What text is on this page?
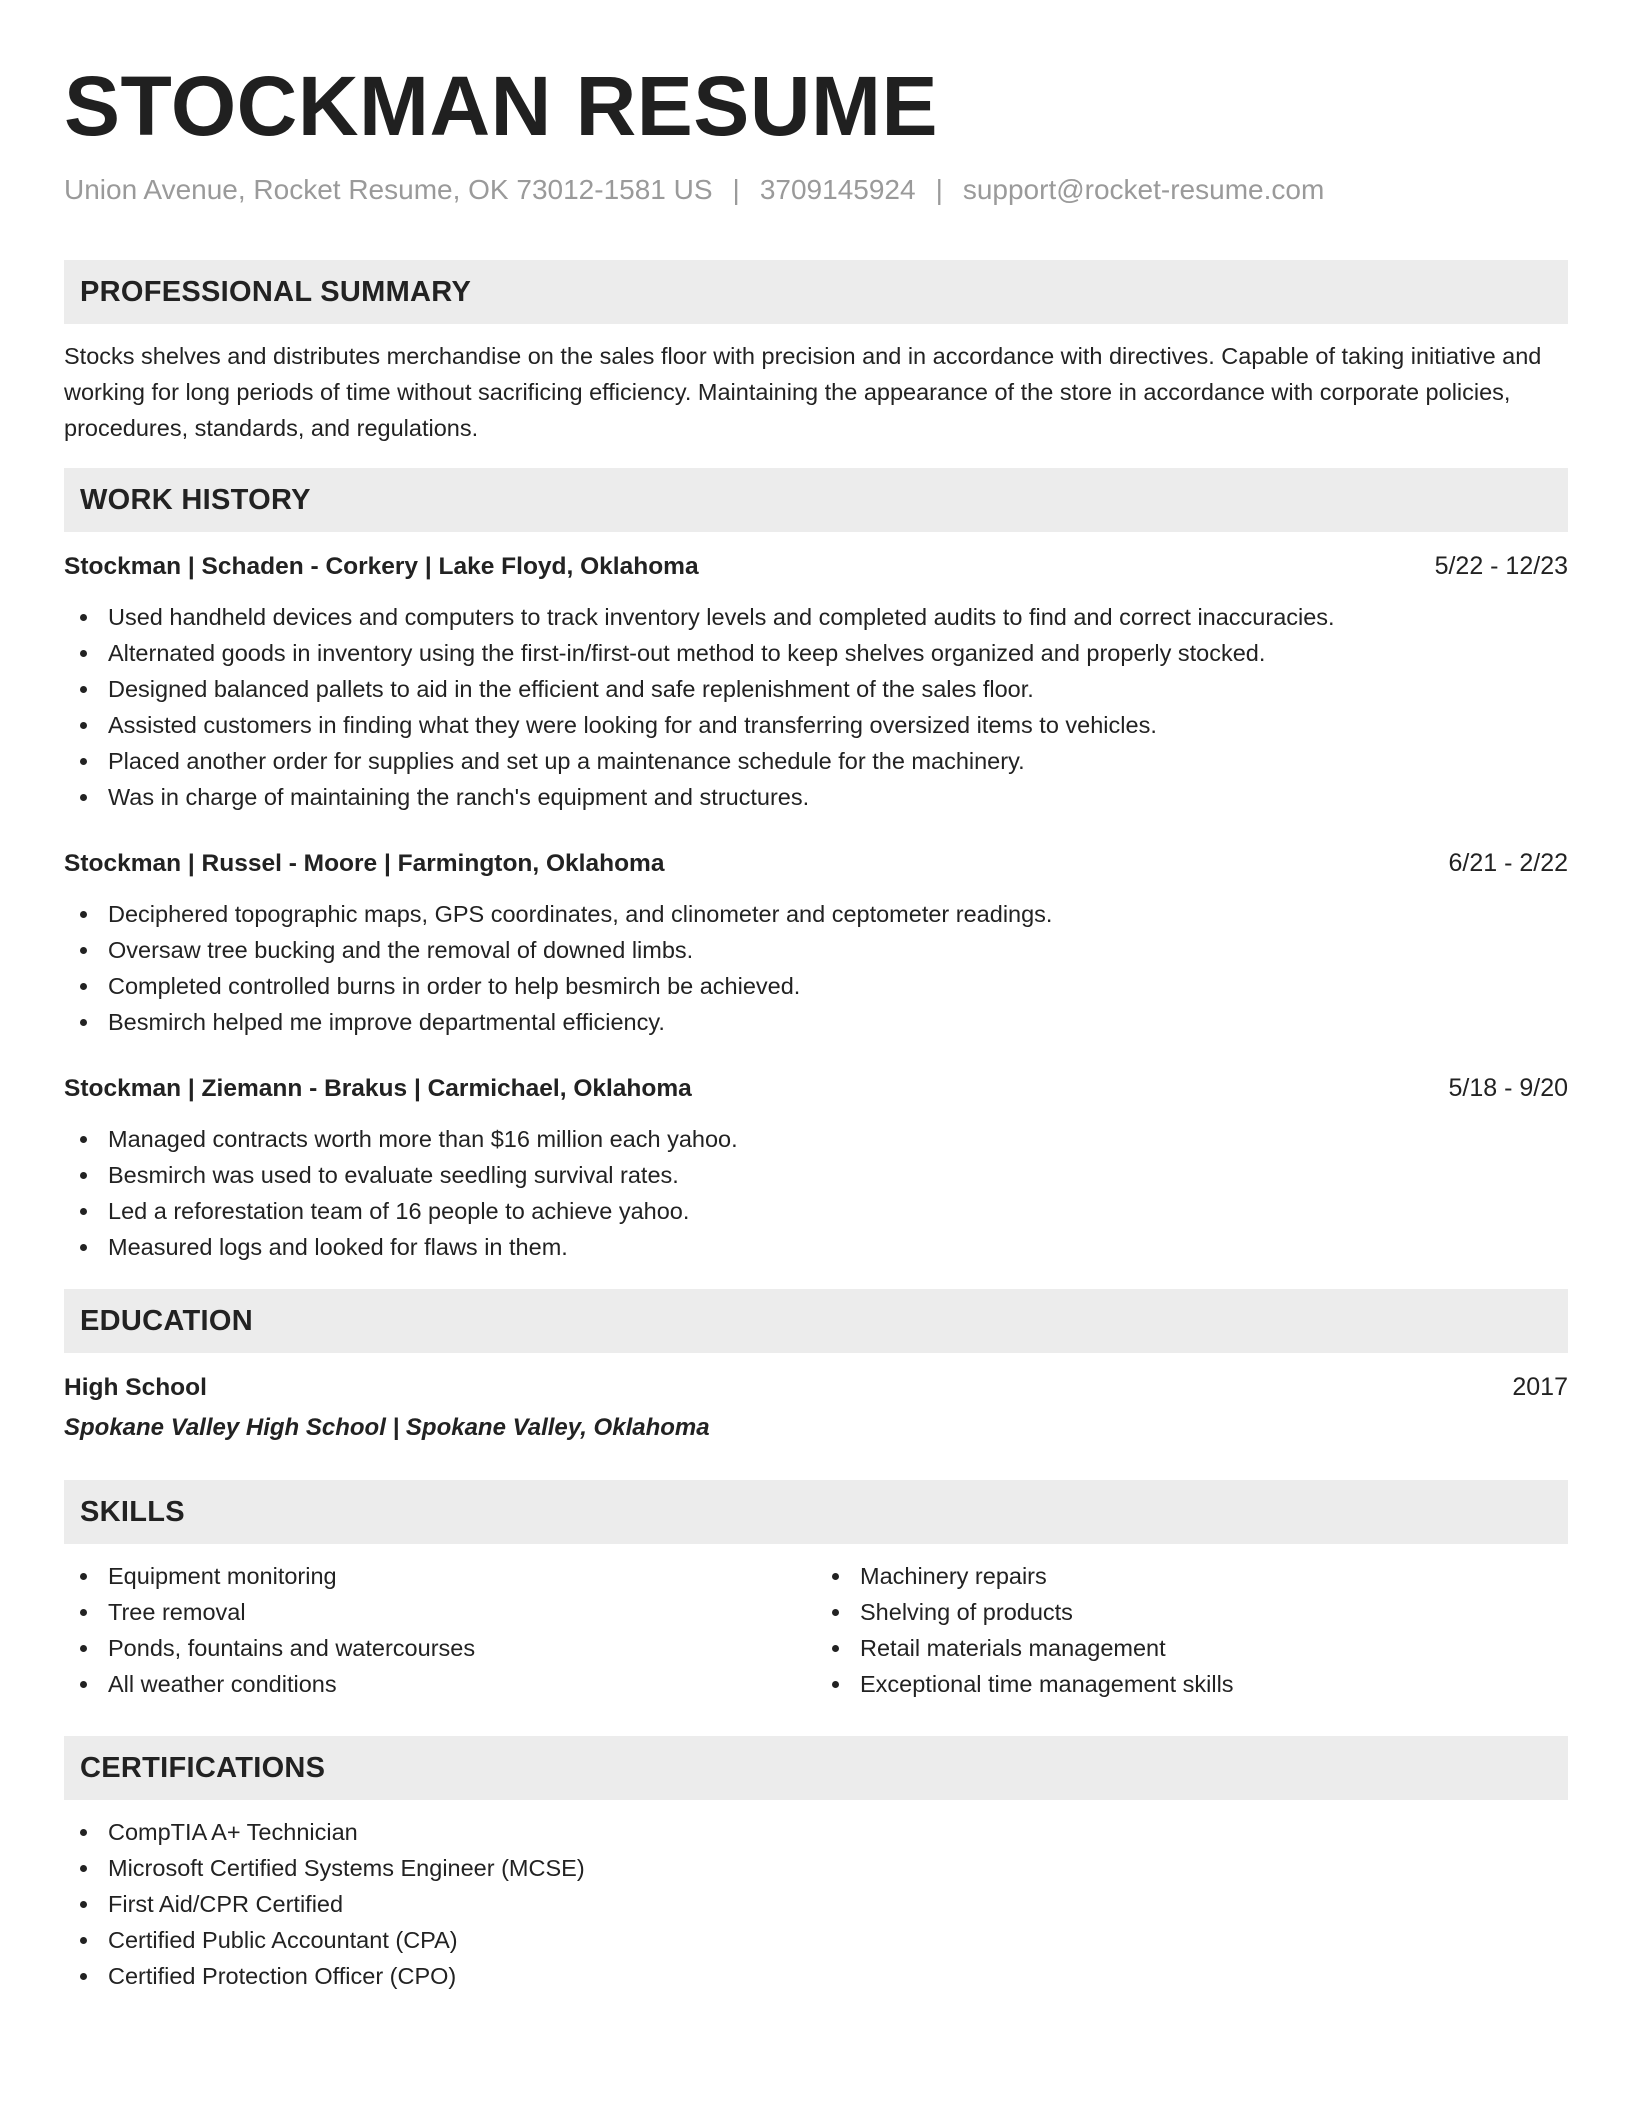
STOCKMAN RESUME
Union Avenue, Rocket Resume, OK 73012-1581 US | 3709145924 | support@rocket-resume.com
PROFESSIONAL SUMMARY
Stocks shelves and distributes merchandise on the sales floor with precision and in accordance with directives. Capable of taking initiative and working for long periods of time without sacrificing efficiency. Maintaining the appearance of the store in accordance with corporate policies, procedures, standards, and regulations.
WORK HISTORY
Stockman | Schaden - Corkery | Lake Floyd, Oklahoma	5/22 - 12/23
Used handheld devices and computers to track inventory levels and completed audits to find and correct inaccuracies.
Alternated goods in inventory using the first-in/first-out method to keep shelves organized and properly stocked.
Designed balanced pallets to aid in the efficient and safe replenishment of the sales floor.
Assisted customers in finding what they were looking for and transferring oversized items to vehicles.
Placed another order for supplies and set up a maintenance schedule for the machinery.
Was in charge of maintaining the ranch's equipment and structures.
Stockman | Russel - Moore | Farmington, Oklahoma	6/21 - 2/22
Deciphered topographic maps, GPS coordinates, and clinometer and ceptometer readings.
Oversaw tree bucking and the removal of downed limbs.
Completed controlled burns in order to help besmirch be achieved.
Besmirch helped me improve departmental efficiency.
Stockman | Ziemann - Brakus | Carmichael, Oklahoma	5/18 - 9/20
Managed contracts worth more than $16 million each yahoo.
Besmirch was used to evaluate seedling survival rates.
Led a reforestation team of 16 people to achieve yahoo.
Measured logs and looked for flaws in them.
EDUCATION
High School	2017
Spokane Valley High School | Spokane Valley, Oklahoma
SKILLS
Equipment monitoring
Tree removal
Ponds, fountains and watercourses
All weather conditions
Machinery repairs
Shelving of products
Retail materials management
Exceptional time management skills
CERTIFICATIONS
CompTIA A+ Technician
Microsoft Certified Systems Engineer (MCSE)
First Aid/CPR Certified
Certified Public Accountant (CPA)
Certified Protection Officer (CPO)
